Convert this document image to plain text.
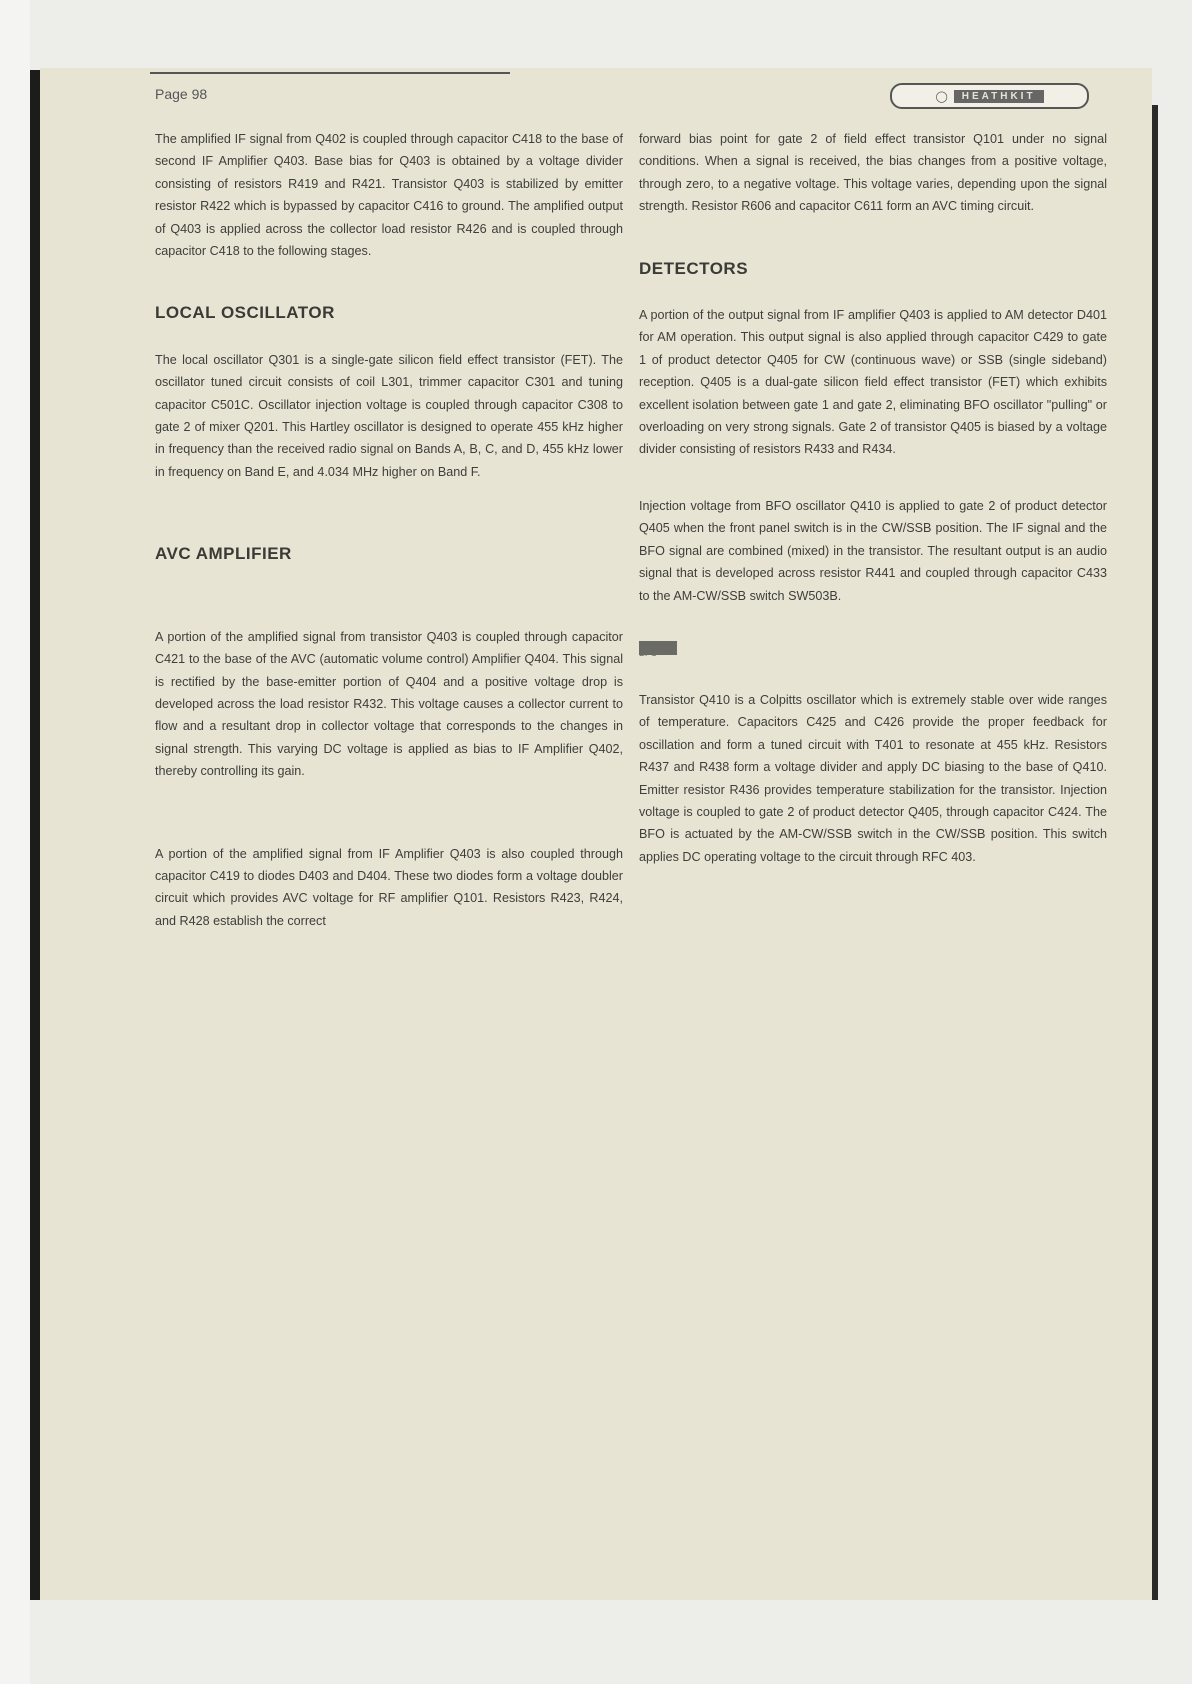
Page 98	◯	HEATHKIT

The amplified IF signal from Q402 is coupled through capacitor C418 to the base of second IF Amplifier Q403. Base bias for Q403 is obtained by a voltage divider consisting of resistors R419 and R421. Transistor Q403 is stabilized by emitter resistor R422 which is bypassed by capacitor C416 to ground. The amplified output of Q403 is applied across the collector load resistor R426 and is coupled through capacitor C418 to the following stages.

LOCAL OSCILLATOR

The local oscillator Q301 is a single-gate silicon field effect transistor (FET). The oscillator tuned circuit consists of coil L301, trimmer capacitor C301 and tuning capacitor C501C. Oscillator injection voltage is coupled through capacitor C308 to gate 2 of mixer Q201. This Hartley oscillator is designed to operate 455 kHz higher in frequency than the received radio signal on Bands A, B, C, and D, 455 kHz lower in frequency on Band E, and 4.034 MHz higher on Band F.

AVC AMPLIFIER

A portion of the amplified signal from transistor Q403 is coupled through capacitor C421 to the base of the AVC (automatic volume control) Amplifier Q404. This signal is rectified by the base-emitter portion of Q404 and a positive voltage drop is developed across the load resistor R432. This voltage causes a collector current to flow and a resultant drop in collector voltage that corresponds to the changes in signal strength. This varying DC voltage is applied as bias to IF Amplifier Q402, thereby controlling its gain.

A portion of the amplified signal from IF Amplifier Q403 is also coupled through capacitor C419 to diodes D403 and D404. These two diodes form a voltage doubler circuit which provides AVC voltage for RF amplifier Q101. Resistors R423, R424, and R428 establish the correct

forward bias point for gate 2 of field effect transistor Q101 under no signal conditions. When a signal is received, the bias changes from a positive voltage, through zero, to a negative voltage. This voltage varies, depending upon the signal strength. Resistor R606 and capacitor C611 form an AVC timing circuit.

DETECTORS

A portion of the output signal from IF amplifier Q403 is applied to AM detector D401 for AM operation. This output signal is also applied through capacitor C429 to gate 1 of product detector Q405 for CW (continuous wave) or SSB (single sideband) reception. Q405 is a dual-gate silicon field effect transistor (FET) which exhibits excellent isolation between gate 1 and gate 2, eliminating BFO oscillator "pulling" or overloading on very strong signals. Gate 2 of transistor Q405 is biased by a voltage divider consisting of resistors R433 and R434.

Injection voltage from BFO oscillator Q410 is applied to gate 2 of product detector Q405 when the front panel switch is in the CW/SSB position. The IF signal and the BFO signal are combined (mixed) in the transistor. The resultant output is an audio signal that is developed across resistor R441 and coupled through capacitor C433 to the AM-CW/SSB switch SW503B.

BFO

Transistor Q410 is a Colpitts oscillator which is extremely stable over wide ranges of temperature. Capacitors C425 and C426 provide the proper feedback for oscillation and form a tuned circuit with T401 to resonate at 455 kHz. Resistors R437 and R438 form a voltage divider and apply DC biasing to the base of Q410. Emitter resistor R436 provides temperature stabilization for the transistor. Injection voltage is coupled to gate 2 of product detector Q405, through capacitor C424. The BFO is actuated by the AM-CW/SSB switch in the CW/SSB position. This switch applies DC operating voltage to the circuit through RFC 403.
